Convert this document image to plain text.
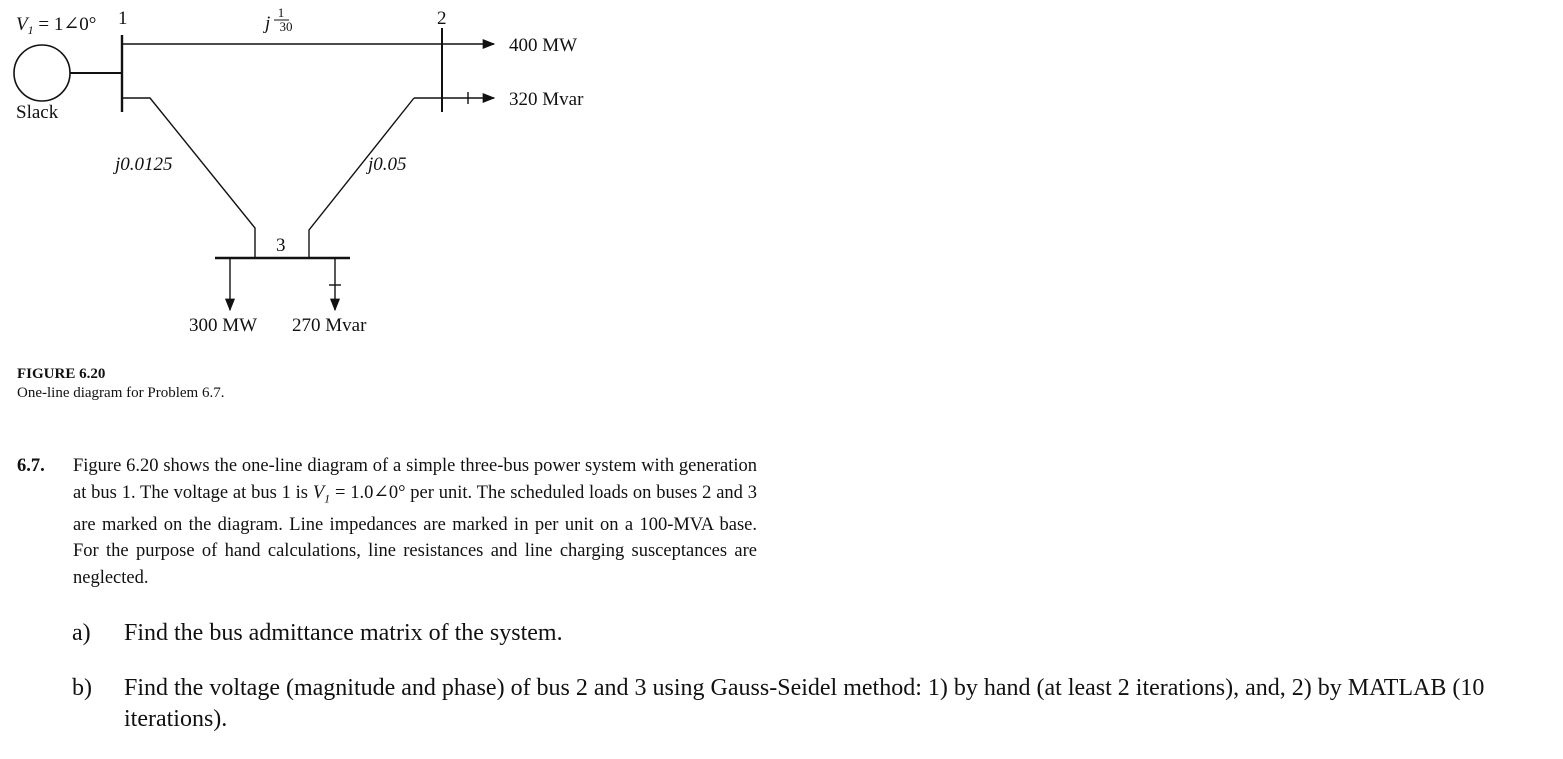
$V_1$ = 1∠0° 1
Slack
j
1
30	2
400 MW
320 Mvar
j0.0125	j0.05
3
300 MW 270 Mvar
FIGURE 6.20
One-line diagram for Problem 6.7.
6.7. Figure 6.20 shows the one-line diagram of a simple three-bus power system with generation at bus 1. The voltage at bus 1 is $V_1$ = 1.0∠0° per unit. The scheduled loads on buses 2 and 3 are marked on the diagram. Line impedances are marked in per unit on a 100-MVA base. For the purpose of hand calculations, line resistances and line charging susceptances are neglected.
a)	Find the bus admittance matrix of the system.
b)	Find the voltage (magnitude and phase) of bus 2 and 3 using Gauss-Seidel method: 1) by hand (at least 2 iterations), and, 2) by MATLAB (10 iterations).
